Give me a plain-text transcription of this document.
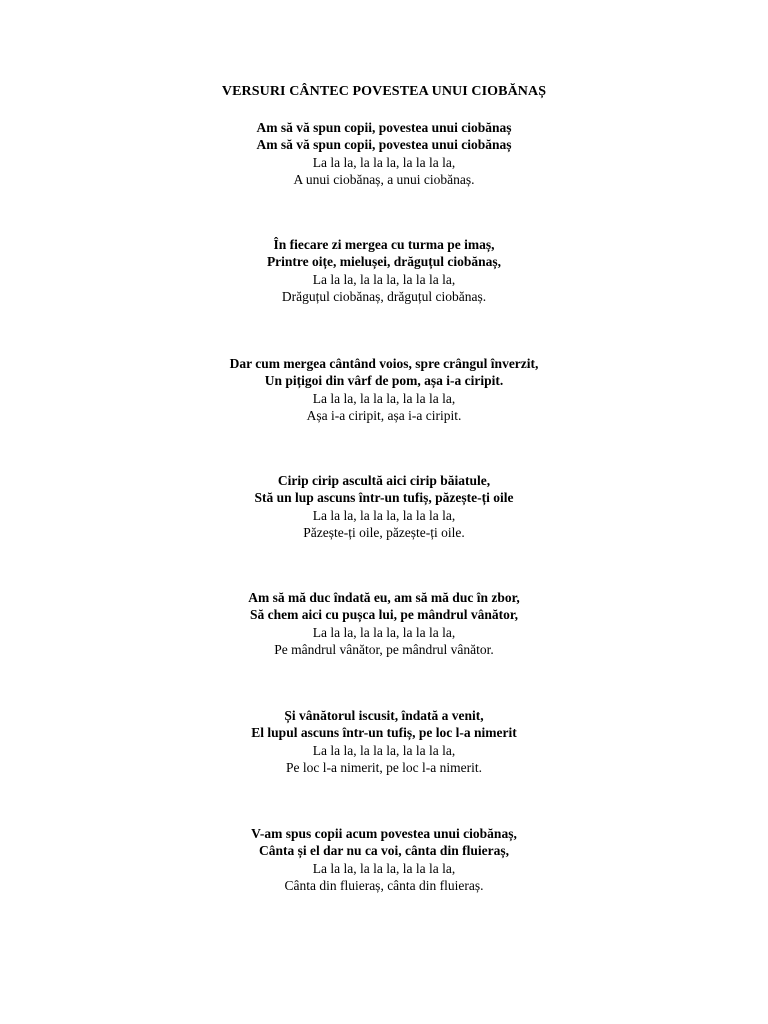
VERSURI CÂNTEC POVESTEA UNUI CIOBĂNAȘ
Am să vă spun copii, povestea unui ciobănaș
Am să vă spun copii, povestea unui ciobănaș
La la la, la la la, la la la la,
A unui ciobănaș, a unui ciobănaș.
În fiecare zi mergea cu turma pe imaș,
Printre oițe, mielușei, drăguțul ciobănaș,
La la la, la la la, la la la la,
Drăguțul ciobănaș, drăguțul ciobănaș.
Dar cum mergea cântând voios, spre crângul înverzit,
Un pițigoi din vârf de pom, așa i-a ciripit.
La la la, la la la, la la la la,
Așa i-a ciripit, așa i-a ciripit.
Cirip cirip ascultă aici cirip băiatule,
Stă un lup ascuns într-un tufiș, păzește-ți oile
La la la, la la la, la la la la,
Păzește-ți oile, păzește-ți oile.
Am să mă duc îndată eu, am să mă duc în zbor,
Să chem aici cu pușca lui, pe mândrul vânător,
La la la, la la la, la la la la,
Pe mândrul vânător, pe mândrul vânător.
Și vânătorul iscusit, îndată a venit,
El lupul ascuns într-un tufiș, pe loc l-a nimerit
La la la, la la la, la la la la,
Pe loc l-a nimerit, pe loc l-a nimerit.
V-am spus copii acum povestea unui ciobănaș,
Cânta și el dar nu ca voi, cânta din fluieraș,
La la la, la la la, la la la la,
Cânta din fluieraș, cânta din fluieraș.
